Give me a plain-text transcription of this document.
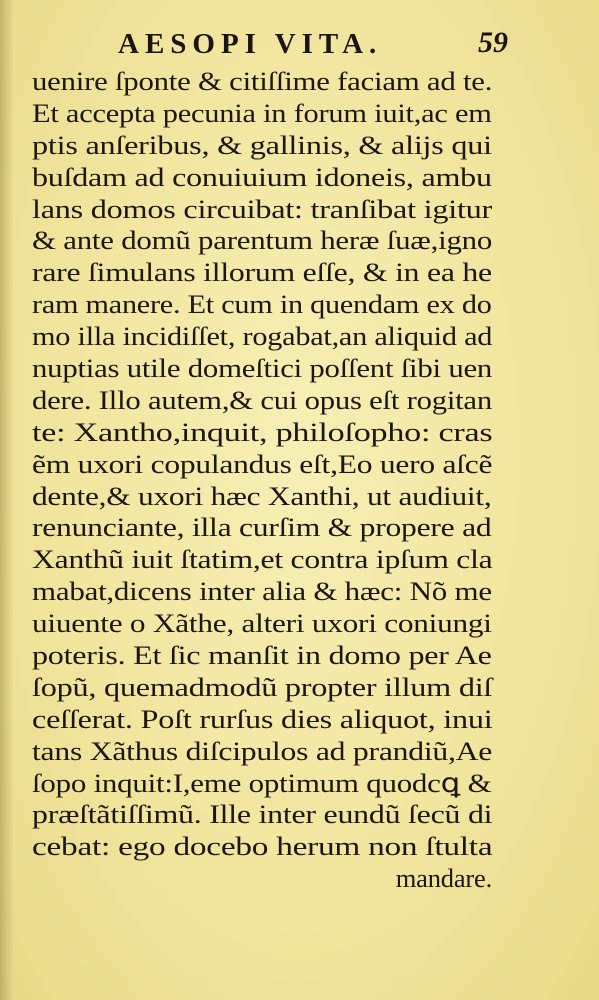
AESOPI VITA.	59
uenire ſponte & citiſſime faciam ad te.
Et accepta pecunia in forum iuit,ac em
ptis anſeribus, & gallinis, & alijs qui
buſdam ad conuiuium idoneis, ambu
lans domos circuibat: tranſibat igitur
& ante domũ parentum heræ ſuæ,igno
rare ſimulans illorum eſſe, & in ea he
ram manere. Et cum in quendam ex do
mo illa incidiſſet, rogabat,an aliquid ad
nuptias utile domeſtici poſſent ſibi uen
dere. Illo autem,& cui opus eſt rogitan
te: Xantho,inquit, philoſopho: cras
ẽm uxori copulandus eſt,Eo uero aſcẽ
dente,& uxori hæc Xanthi, ut audiuit,
renunciante, illa curſim & propere ad
Xanthũ iuit ſtatim,et contra ipſum cla
mabat,dicens inter alia & hæc: Nõ me
uiuente o Xãthe, alteri uxori coniungi
poteris. Et ſic manſit in domo per Ae
ſopũ, quemadmodũ propter illum diſ
ceſſerat. Poſt rurſus dies aliquot, inui
tans Xãthus diſcipulos ad prandiũ,Ae
ſopo inquit:I,eme optimum quodcꝗ &
præſtãtiſſimũ. Ille inter eundũ ſecũ di
cebat: ego docebo herum non ſtulta
mandare.
